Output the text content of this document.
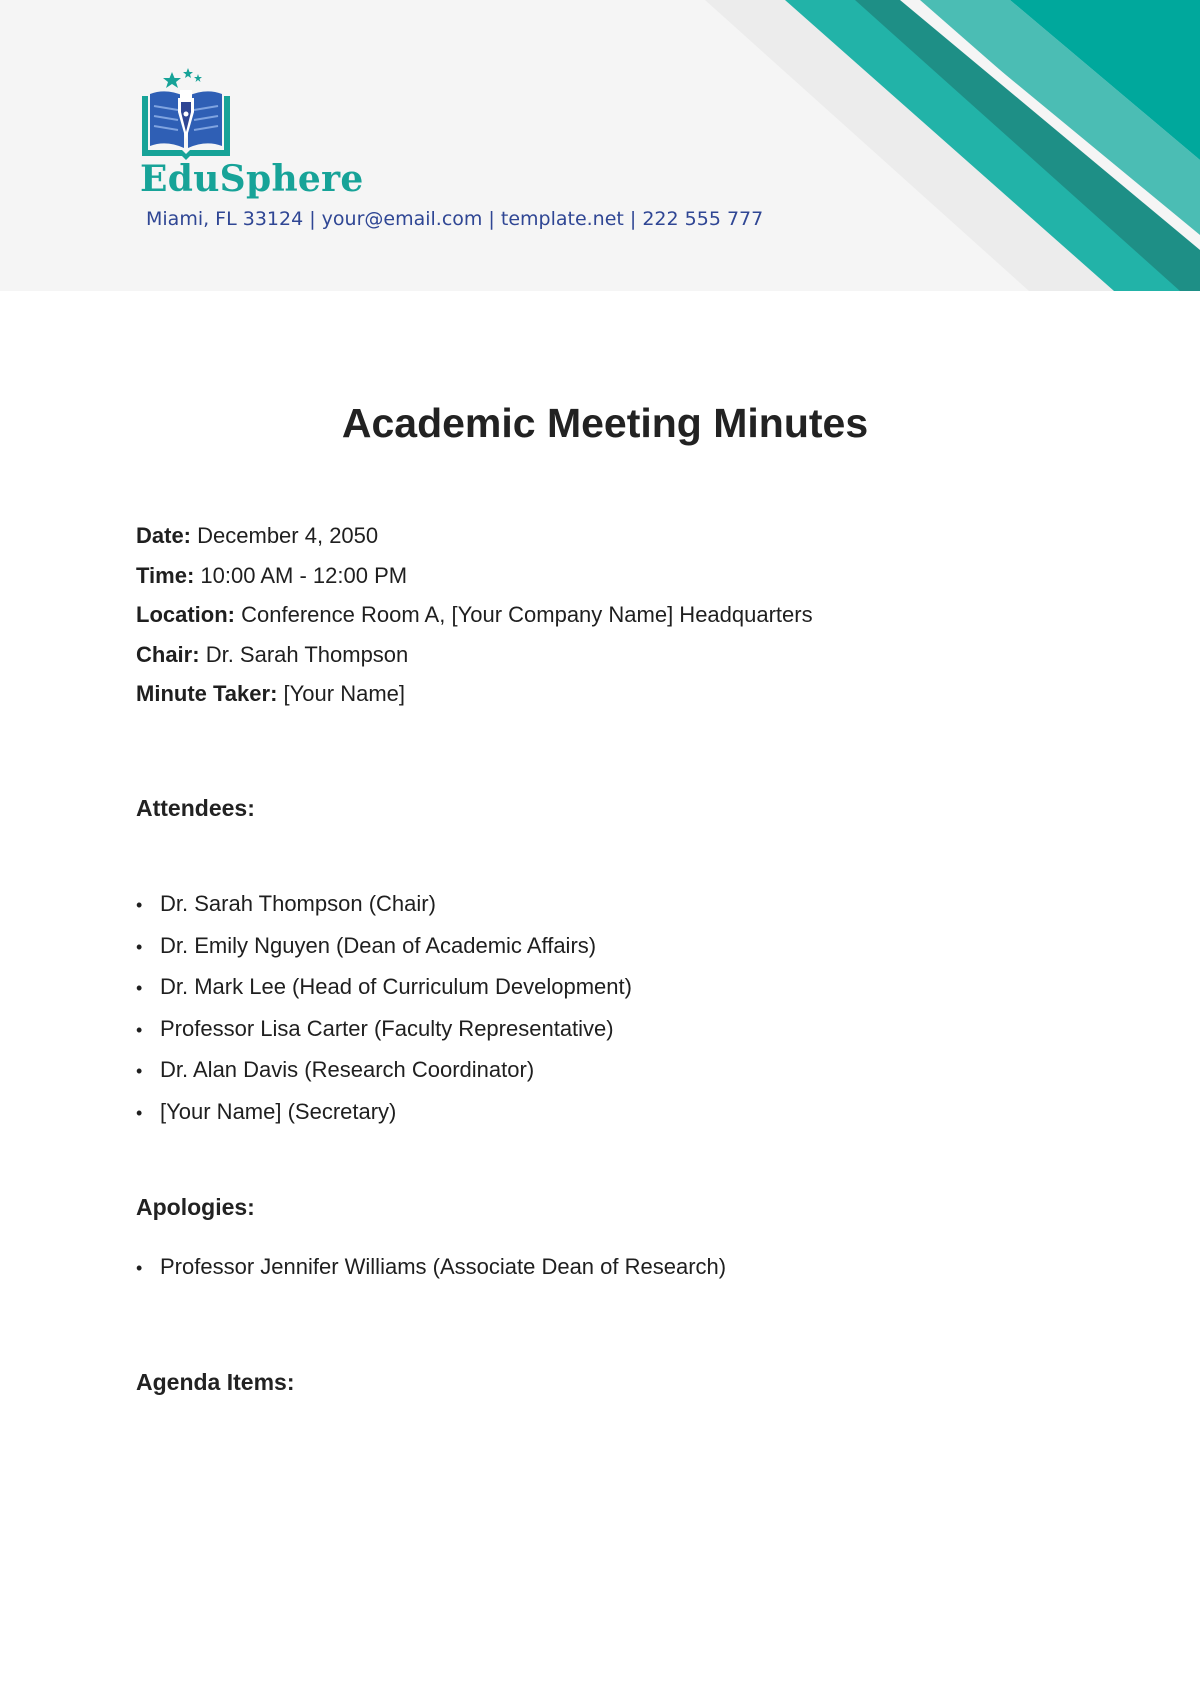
EduSphere
Miami, FL 33124 | your@email.com | template.net | 222 555 777
Academic Meeting Minutes
Date: December 4, 2050
Time: 10:00 AM - 12:00 PM
Location: Conference Room A, [Your Company Name] Headquarters
Chair: Dr. Sarah Thompson
Minute Taker: [Your Name]
Attendees:
• Dr. Sarah Thompson (Chair)
• Dr. Emily Nguyen (Dean of Academic Affairs)
• Dr. Mark Lee (Head of Curriculum Development)
• Professor Lisa Carter (Faculty Representative)
• Dr. Alan Davis (Research Coordinator)
• [Your Name] (Secretary)
Apologies:
• Professor Jennifer Williams (Associate Dean of Research)
Agenda Items:
